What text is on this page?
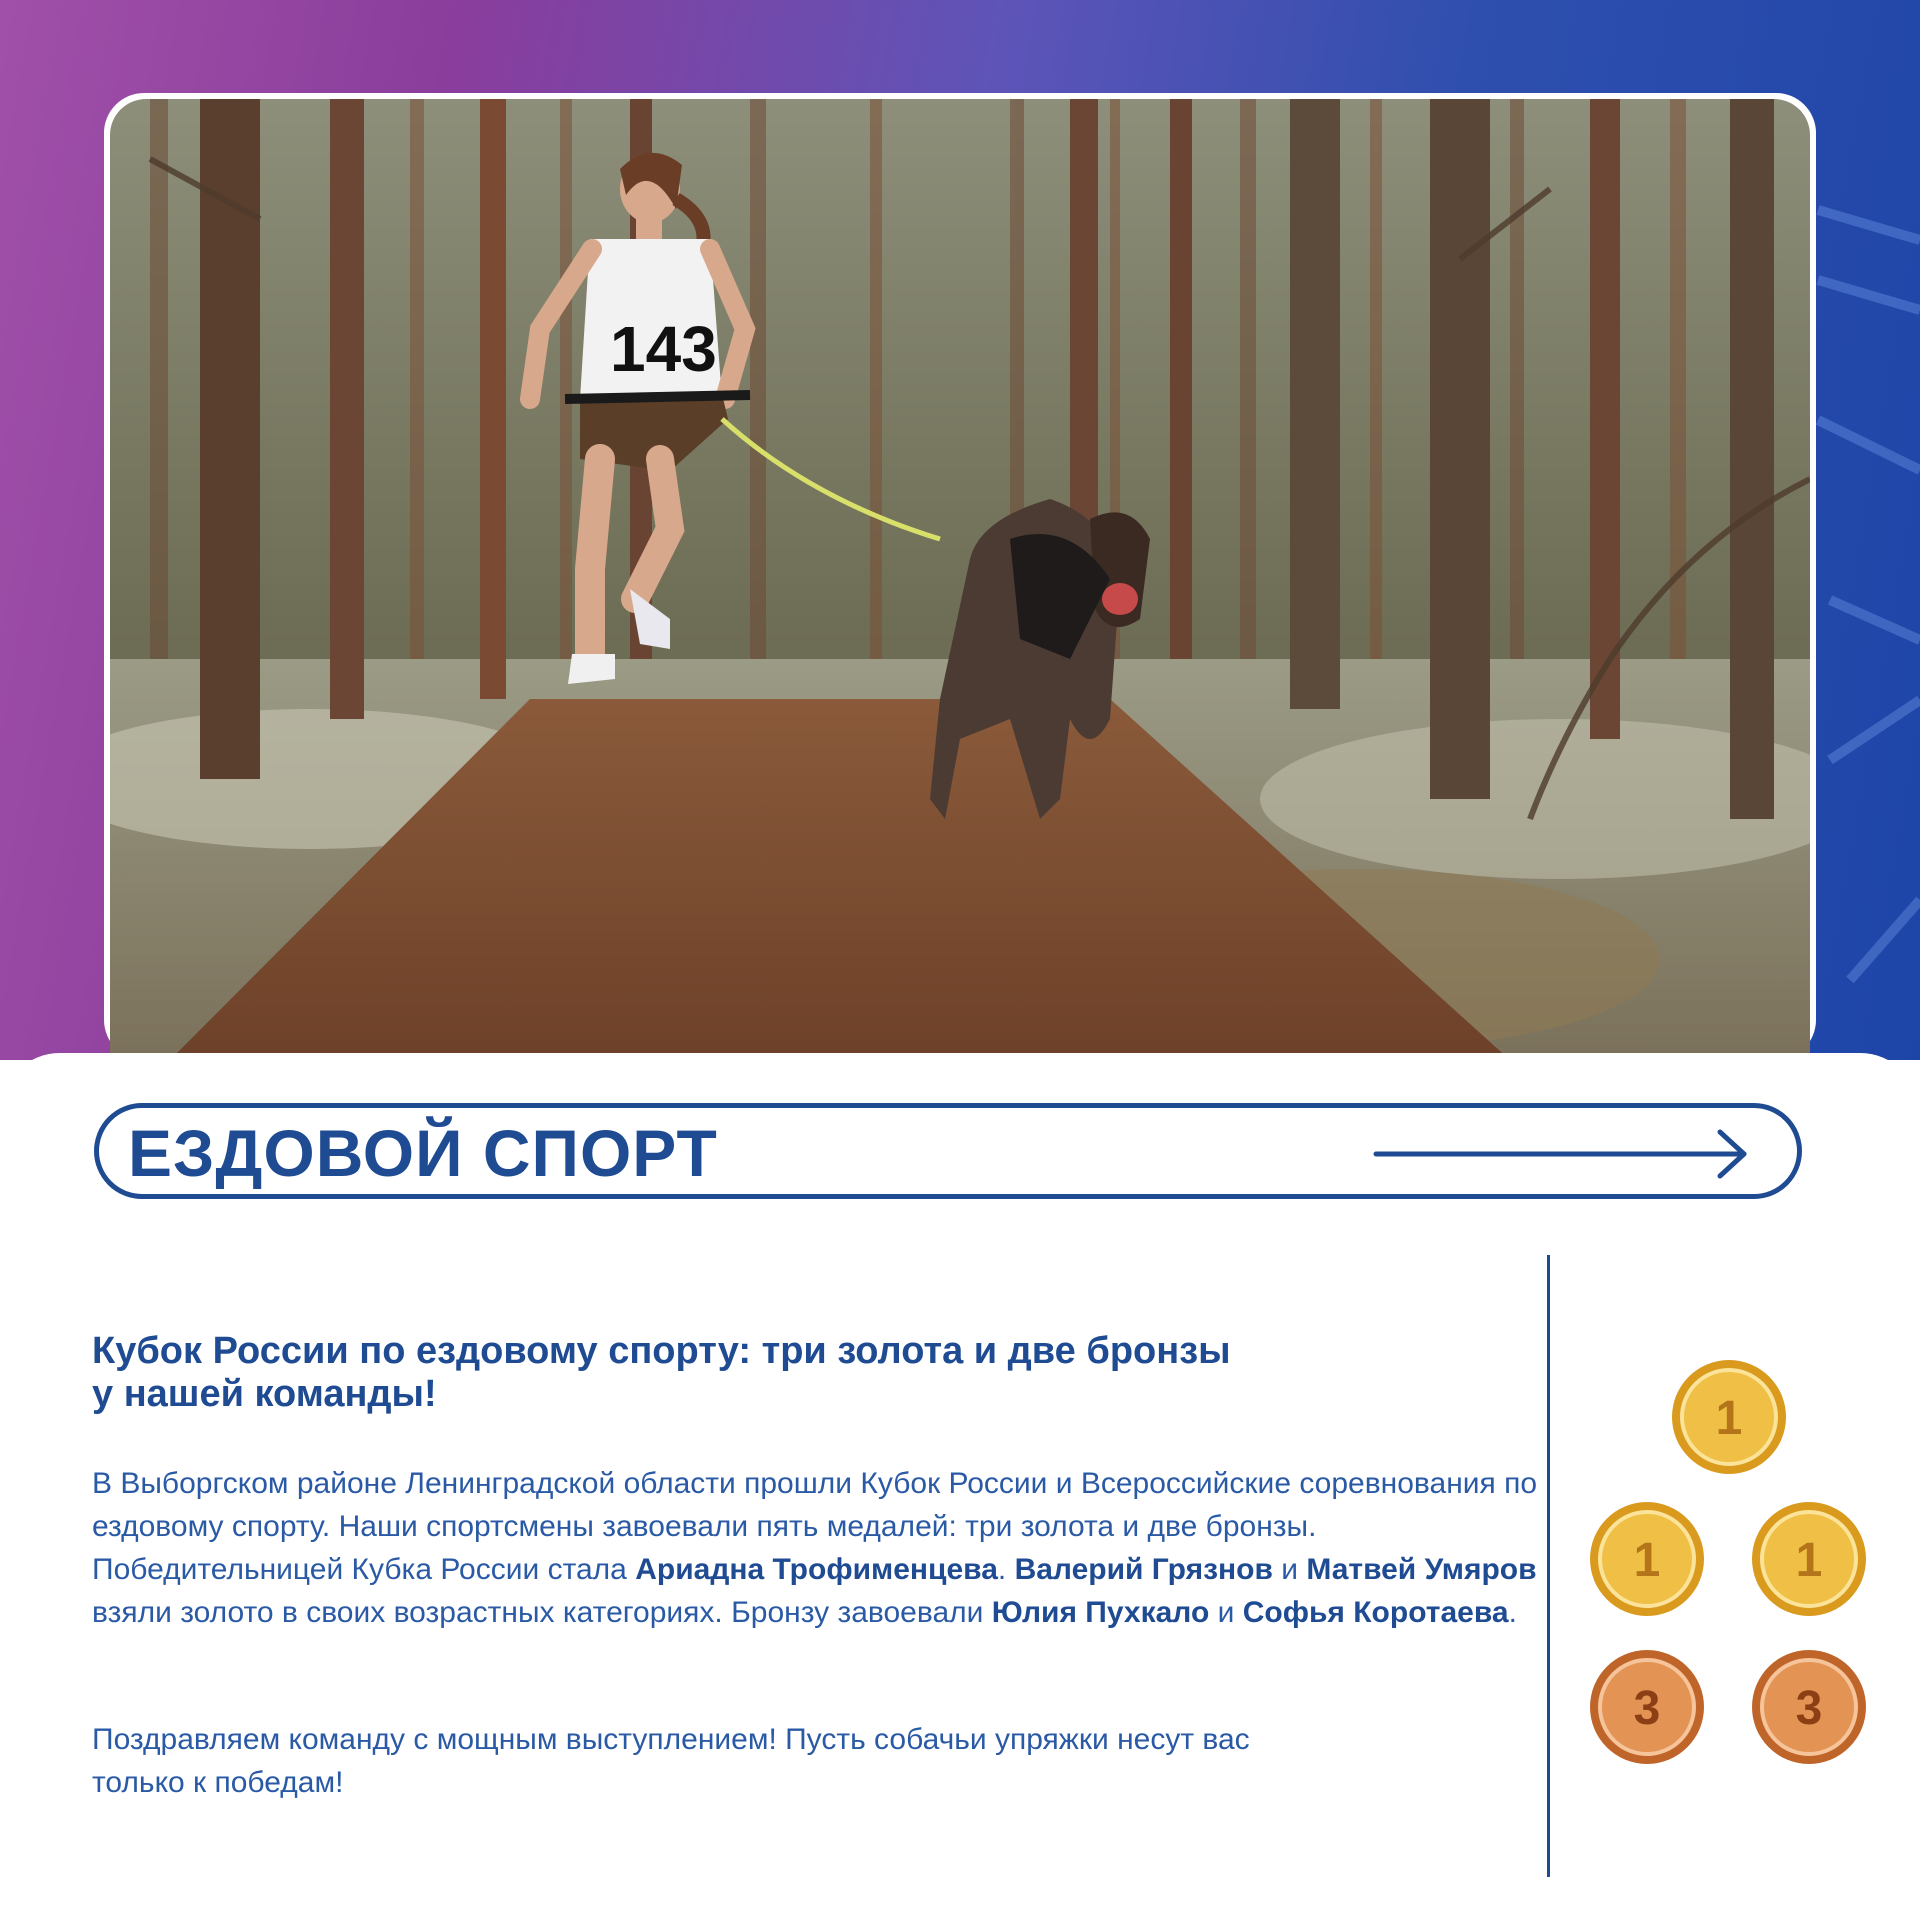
143
ЕЗДОВОЙ СПОРТ
Кубок России по ездовому спорту: три золота и две бронзы
у нашей команды!
В Выборгском районе Ленинградской области прошли Кубок России и Всероссийские соревнования по ездовому спорту. Наши спортсмены завоевали пять медалей: три золота и две бронзы. Победительницей Кубка России стала Ариадна Трофименцева. Валерий Грязнов и Матвей Умяров взяли золото в своих возрастных категориях. Бронзу завоевали Юлия Пухкало и Софья Коротаева.
Поздравляем команду с мощным выступлением! Пусть собачьи упряжки несут вас
только к победам!
1
1	1
3	3
